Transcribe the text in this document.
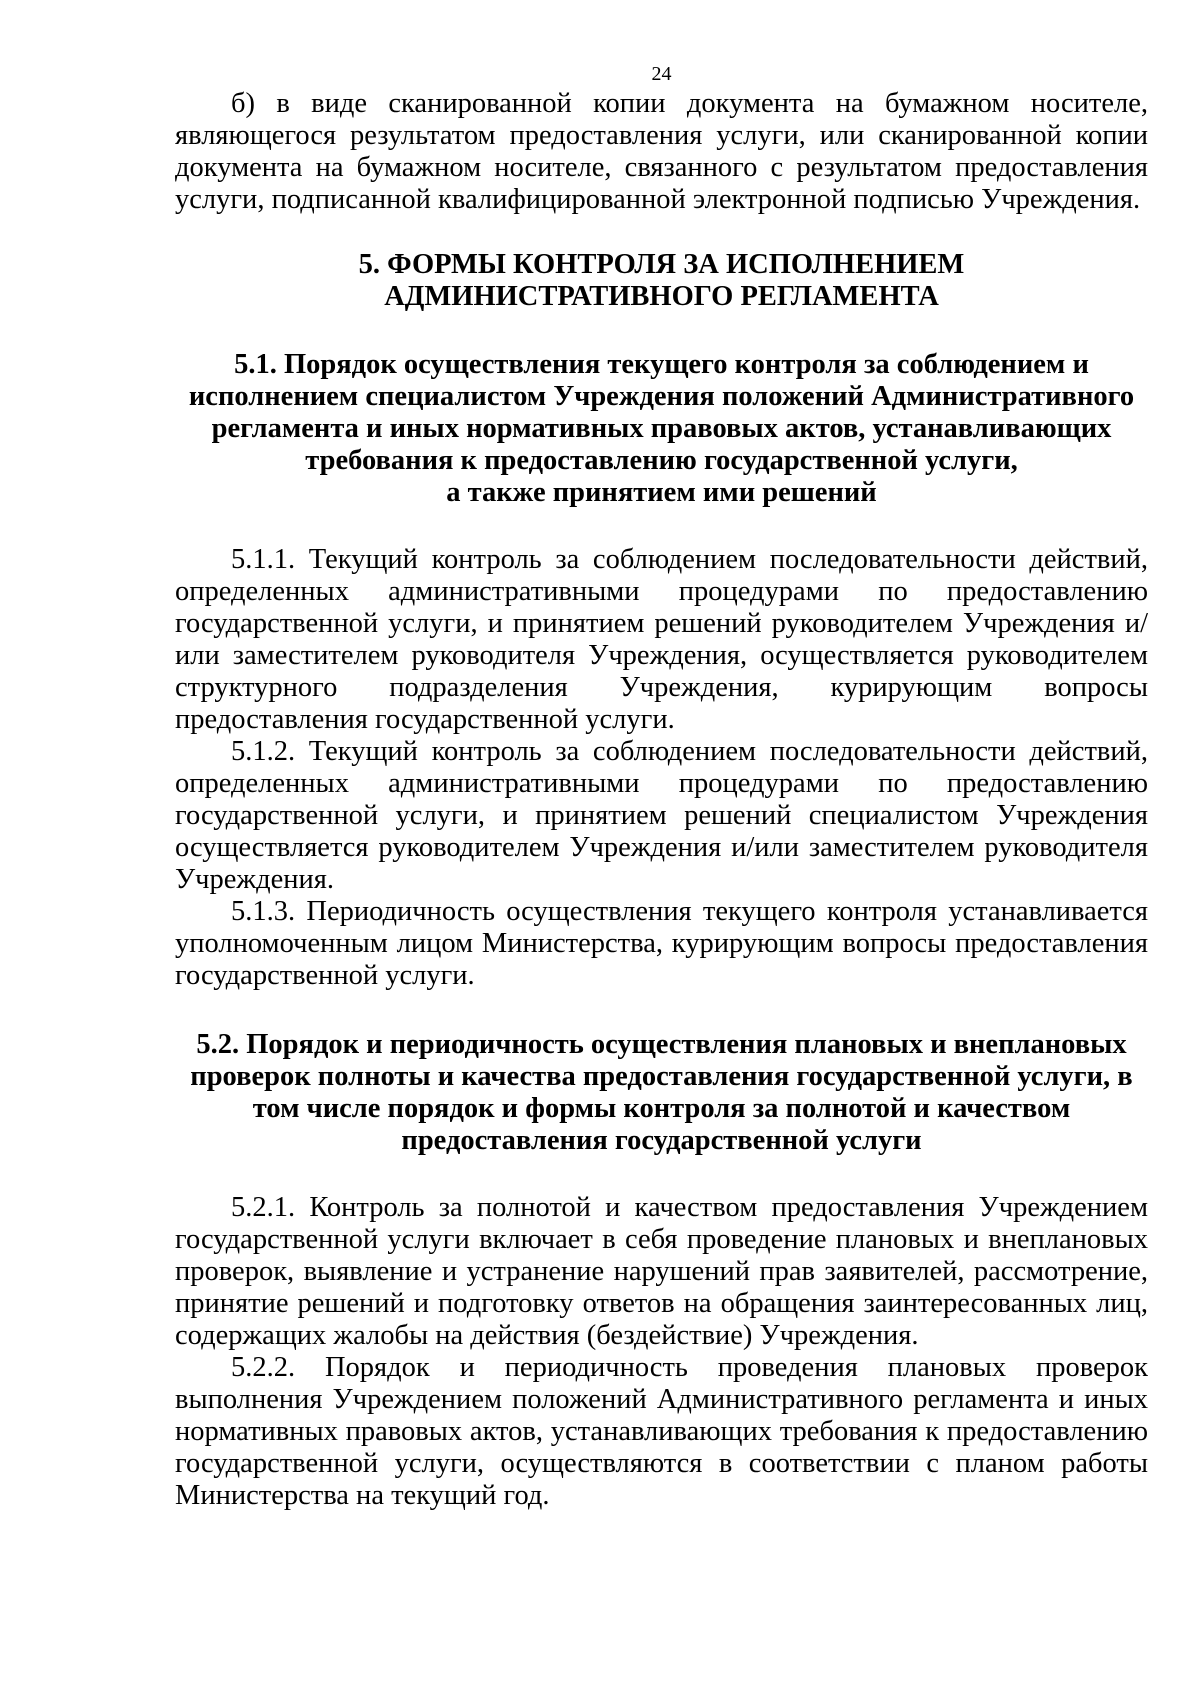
24

б) в виде сканированной копии документа на бумажном носителе, являющегося результатом предоставления услуги, или сканированной копии документа на бумажном носителе, связанного с результатом предоставления услуги, подписанной квалифицированной электронной подписью Учреждения.

5. ФОРМЫ КОНТРОЛЯ ЗА ИСПОЛНЕНИЕМ АДМИНИСТРАТИВНОГО РЕГЛАМЕНТА
5.1. Порядок осуществления текущего контроля за соблюдением и
исполнением специалистом Учреждения положений Административного
регламента и иных нормативных правовых актов, устанавливающих
требования к предоставлению государственной услуги,
а также принятием ими решений

5.1.1. Текущий контроль за соблюдением последовательности действий, определенных административными процедурами по предоставлению государственной услуги, и принятием решений руководителем Учреждения и/или заместителем руководителя Учреждения, осуществляется руководителем структурного подразделения Учреждения, курирующим вопросы предоставления государственной услуги.

5.1.2. Текущий контроль за соблюдением последовательности действий, определенных административными процедурами по предоставлению государственной услуги, и принятием решений специалистом Учреждения осуществляется руководителем Учреждения и/или заместителем руководителя Учреждения.

5.1.3. Периодичность осуществления текущего контроля устанавливается уполномоченным лицом Министерства, курирующим вопросы предоставления государственной услуги.

5.2. Порядок и периодичность осуществления плановых и внеплановых
проверок полноты и качества предоставления государственной услуги, в
том числе порядок и формы контроля за полнотой и качеством
предоставления государственной услуги

5.2.1. Контроль за полнотой и качеством предоставления Учреждением государственной услуги включает в себя проведение плановых и внеплановых проверок, выявление и устранение нарушений прав заявителей, рассмотрение, принятие решений и подготовку ответов на обращения заинтересованных лиц, содержащих жалобы на действия (бездействие) Учреждения.

5.2.2. Порядок и периодичность проведения плановых проверок выполнения Учреждением положений Административного регламента и иных нормативных правовых актов, устанавливающих требования к предоставлению государственной услуги, осуществляются в соответствии с планом работы Министерства на текущий год.
